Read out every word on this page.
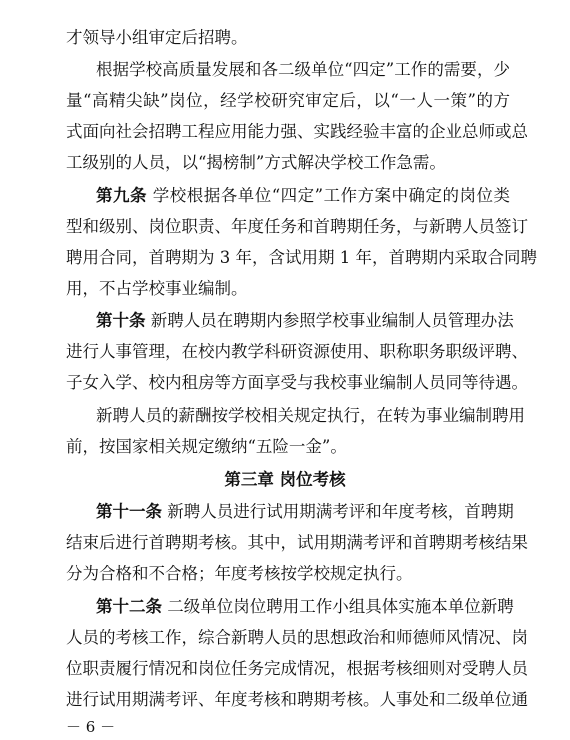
才领导小组审定后招聘。
根据学校高质量发展和各二级单位“四定”工作的需要，少
量“高精尖缺”岗位，经学校研究审定后，以“一人一策”的方
式面向社会招聘工程应用能力强、实践经验丰富的企业总师或总
工级别的人员，以“揭榜制”方式解决学校工作急需。
第九条 学校根据各单位“四定”工作方案中确定的岗位类
型和级别、岗位职责、年度任务和首聘期任务，与新聘人员签订
聘用合同，首聘期为 3 年，含试用期 1 年，首聘期内采取合同聘
用，不占学校事业编制。
第十条 新聘人员在聘期内参照学校事业编制人员管理办法
进行人事管理，在校内教学科研资源使用、职称职务职级评聘、
子女入学、校内租房等方面享受与我校事业编制人员同等待遇。
新聘人员的薪酬按学校相关规定执行，在转为事业编制聘用
前，按国家相关规定缴纳“五险一金”。
第三章 岗位考核
第十一条 新聘人员进行试用期满考评和年度考核，首聘期
结束后进行首聘期考核。其中，试用期满考评和首聘期考核结果
分为合格和不合格；年度考核按学校规定执行。
第十二条 二级单位岗位聘用工作小组具体实施本单位新聘
人员的考核工作，综合新聘人员的思想政治和师德师风情况、岗
位职责履行情况和岗位任务完成情况，根据考核细则对受聘人员
－ 6 －
进行试用期满考评、年度考核和聘期考核。人事处和二级单位通
